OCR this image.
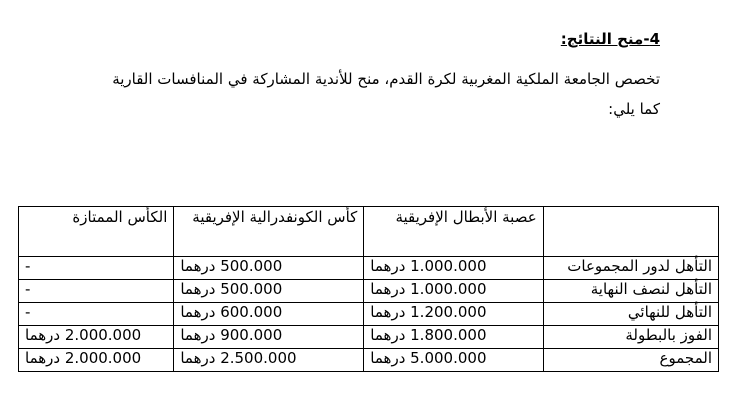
4-منح النتائج:

تخصص الجامعة الملكية المغربية لكرة القدم، منح للأندية المشاركة في المنافسات القارية

كما يلي:

	عصبة الأبطال الإفريقية	كأس الكونفدرالية الإفريقية	الكأس الممتازة
التأهل لدور المجموعات	1.000.000 درهما	500.000 درهما	-
التأهل لنصف النهاية	1.000.000 درهما	500.000 درهما	-
التأهل للنهائي	1.200.000 درهما	600.000 درهما	-
الفوز بالبطولة	1.800.000 درهما	900.000 درهما	2.000.000 درهما
المجموع	5.000.000 درهما	2.500.000 درهما	2.000.000 درهما
